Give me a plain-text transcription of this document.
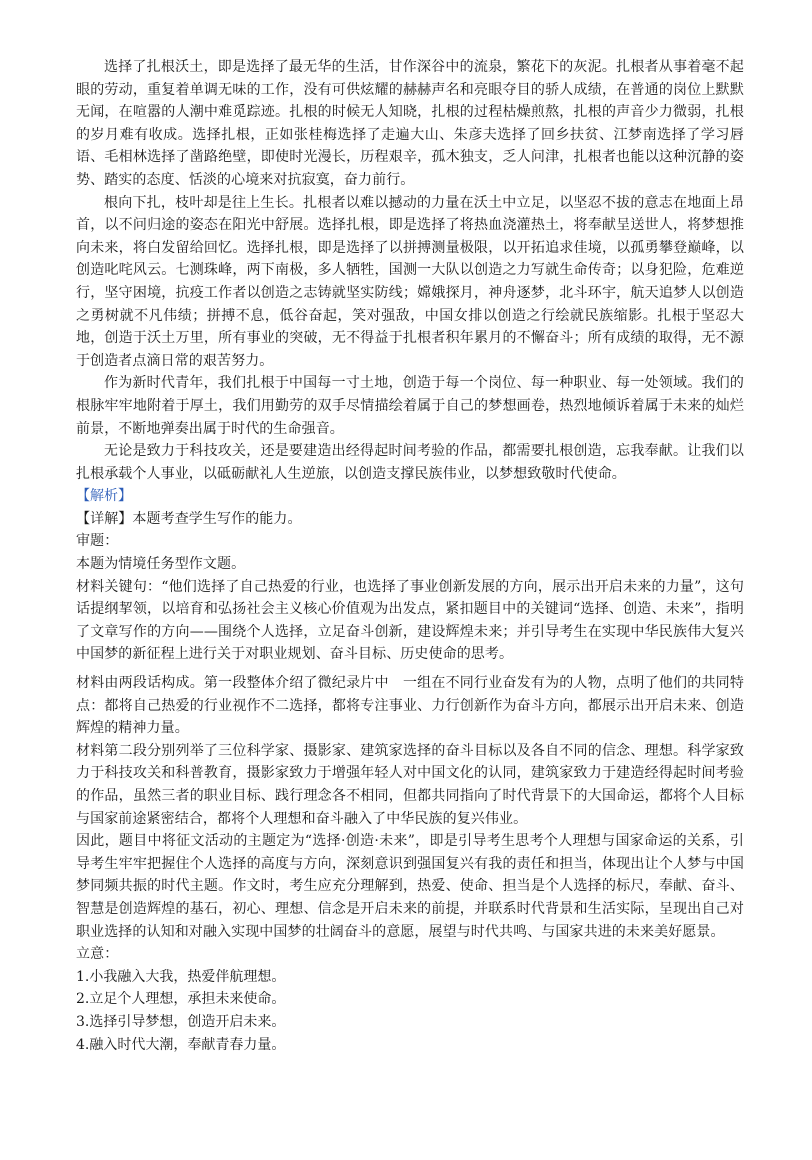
选择了扎根沃土，即是选择了最无华的生活，甘作深谷中的流泉，繁花下的灰泥。扎根者从事着毫不起眼的劳动，重复着单调无味的工作，没有可供炫耀的赫赫声名和亮眼夺目的骄人成绩，在普通的岗位上默默无闻，在喧嚣的人潮中难觅踪迹。扎根的时候无人知晓，扎根的过程枯燥煎熬，扎根的声音少力微弱，扎根的岁月难有收成。选择扎根，正如张桂梅选择了走遍大山、朱彦夫选择了回乡扶贫、江梦南选择了学习唇语、毛相林选择了凿路绝壁，即使时光漫长，历程艰辛，孤木独支，乏人问津，扎根者也能以这种沉静的姿势、踏实的态度、恬淡的心境来对抗寂寞，奋力前行。

根向下扎，枝叶却是往上生长。扎根者以难以撼动的力量在沃土中立足，以坚忍不拔的意志在地面上昂首，以不问归途的姿态在阳光中舒展。选择扎根，即是选择了将热血浇灌热土，将奉献呈送世人，将梦想推向未来，将白发留给回忆。选择扎根，即是选择了以拼搏测量极限，以开拓追求佳境，以孤勇攀登巅峰，以创造叱咤风云。七测珠峰，两下南极，多人牺牲，国测一大队以创造之力写就生命传奇；以身犯险，危难逆行，坚守困境，抗疫工作者以创造之志铸就坚实防线；嫦娥探月，神舟逐梦，北斗环宇，航天追梦人以创造之勇树就不凡伟绩；拼搏不息，低谷奋起，笑对强敌，中国女排以创造之行绘就民族缩影。扎根于坚忍大地，创造于沃土万里，所有事业的突破，无不得益于扎根者积年累月的不懈奋斗；所有成绩的取得，无不源于创造者点滴日常的艰苦努力。

作为新时代青年，我们扎根于中国每一寸土地，创造于每一个岗位、每一种职业、每一处领域。我们的根脉牢牢地附着于厚土，我们用勤劳的双手尽情描绘着属于自己的梦想画卷，热烈地倾诉着属于未来的灿烂前景，不断地弹奏出属于时代的生命强音。

无论是致力于科技攻关，还是要建造出经得起时间考验的作品，都需要扎根创造，忘我奉献。让我们以扎根承载个人事业，以砥砺献礼人生逆旅，以创造支撑民族伟业，以梦想致敬时代使命。

【解析】

【详解】本题考查学生写作的能力。

审题：

本题为情境任务型作文题。

材料关键句：“他们选择了自己热爱的行业，也选择了事业创新发展的方向，展示出开启未来的力量”，这句话提纲挈领，以培育和弘扬社会主义核心价值观为出发点，紧扣题目中的关键词“选择、创造、未来”，指明了文章写作的方向——围绕个人选择，立足奋斗创新，建设辉煌未来；并引导考生在实现中华民族伟大复兴中国梦的新征程上进行关于对职业规划、奋斗目标、历史使命的思考。

材料由两段话构成。第一段整体介绍了微纪录片中　一组在不同行业奋发有为的人物，点明了他们的共同特点：都将自己热爱的行业视作不二选择，都将专注事业、力行创新作为奋斗方向，都展示出开启未来、创造辉煌的精神力量。

材料第二段分别列举了三位科学家、摄影家、建筑家选择的奋斗目标以及各自不同的信念、理想。科学家致力于科技攻关和科普教育，摄影家致力于增强年轻人对中国文化的认同，建筑家致力于建造经得起时间考验的作品，虽然三者的职业目标、践行理念各不相同，但都共同指向了时代背景下的大国命运，都将个人目标与国家前途紧密结合，都将个人理想和奋斗融入了中华民族的复兴伟业。

因此，题目中将征文活动的主题定为“选择·创造·未来”，即是引导考生思考个人理想与国家命运的关系，引导考生牢牢把握住个人选择的高度与方向，深刻意识到强国复兴有我的责任和担当，体现出让个人梦与中国梦同频共振的时代主题。作文时，考生应充分理解到，热爱、使命、担当是个人选择的标尺，奉献、奋斗、智慧是创造辉煌的基石，初心、理想、信念是开启未来的前提，并联系时代背景和生活实际，呈现出自己对职业选择的认知和对融入实现中国梦的壮阔奋斗的意愿，展望与时代共鸣、与国家共进的未来美好愿景。

立意：

1.小我融入大我，热爱伴航理想。

2.立足个人理想，承担未来使命。

3.选择引导梦想，创造开启未来。

4.融入时代大潮，奉献青春力量。
